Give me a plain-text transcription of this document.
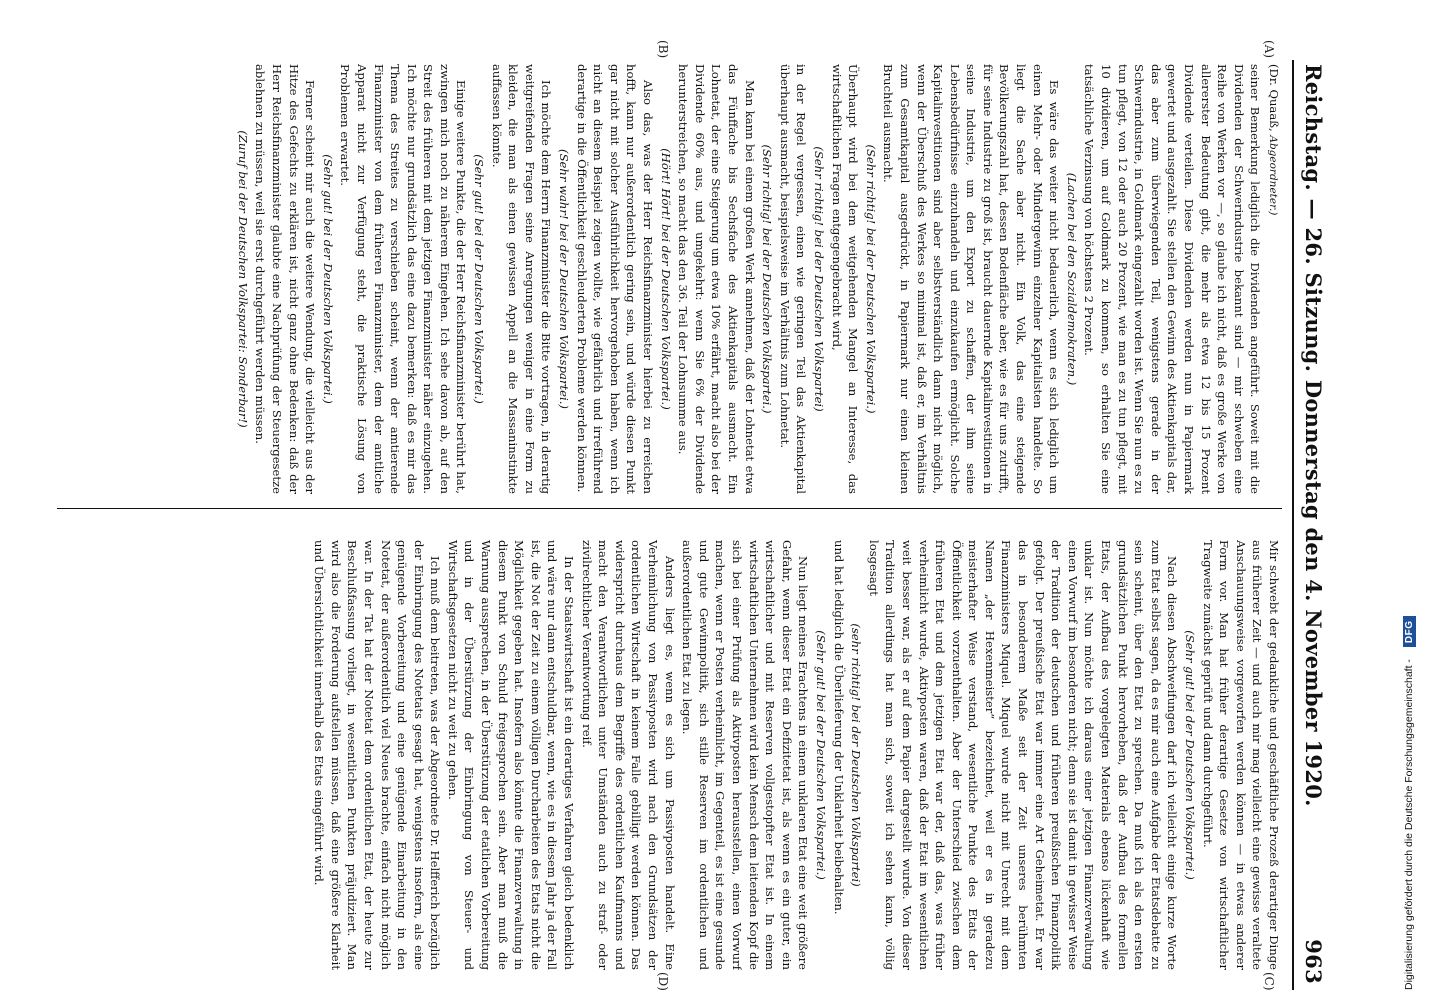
Reichstag. — 26. Sitzung. Donnerstag den 4. November 1920.
963
(A)
(B)
(C)
(D)

(Dr. Quaaß, Abgeordneter.)

seiner Bemerkung lediglich die Dividenden angeführt. Soweit mit die Dividenden der Schwerindustrie bekannt sind — mir schweben eine Reihe von Werken vor —, so glaube ich nicht, daß es große Werke von allererster Bedeutung gibt, die mehr als etwa 12 bis 15 Prozent Dividende verteilen. Diese Dividenden werden nun in Papiermark gewertet und ausgezahlt. Sie stellen den Gewinn des Aktienkapitals dar, das aber zum überwiegenden Teil, wenigstens gerade in der Schwerindustrie, in Goldmark eingezahlt worden ist. Wenn Sie nun es zu tun pflegt, von 12 oder auch 20 Prozent, wie man es zu tun pflegt, mit 10 dividieren, um auf Goldmark zu kommen, so erhalten Sie eine tatsächliche Verzinsung von höchstens 2 Prozent.

(Lachen bei den Sozialdemokraten.)

Es wäre das weiter nicht bedauerlich, wenn es sich lediglich um einen Mehr- oder Mindergewinn einzelner Kapitalisten handelte. So liegt die Sache aber nicht. Ein Volk, das eine steigende Bevölkerungszahl hat, dessen Bodenfläche aber, wie es für uns zutrifft, für seine Industrie zu groß ist, braucht dauernde Kapitalinvestitionen in seine Industrie, um den Export zu schaffen, der ihm seine Lebensbedürfnisse einzuhandeln und einzukaufen ermöglicht. Solche Kapitalinvestitionen sind aber selbstverständlich dann nicht möglich, wenn der Überschuß des Werkes so minimal ist, daß er, im Verhältnis zum Gesamtkapital ausgedrückt, in Papiermark nur einen kleinen Bruchteil ausmacht.

(Sehr richtig! bei der Deutschen Volkspartei.)

Überhaupt wird bei dem weitgehenden Mangel an Interesse, das wirtschaftlichen Fragen entgegengebracht wird,

(Sehr richtig! bei der Deutschen Volkspartei)

in der Regel vergessen, einen wie geringen Teil das Aktienkapital überhaupt ausmacht, beispielsweise im Verhältnis zum Lohnetat.

(Sehr richtig! bei der Deutschen Volkspartei.)

Man kann bei einem großen Werk annehmen, daß der Lohnetat etwa das Fünffache bis Sechsfache des Aktienkapitals ausmacht. Ein Lohnetat, der eine Steigerung um etwa 10% erfährt, macht also bei der Dividende 60% aus, und umgekehrt: wenn Sie 6% der Dividende herunterstreichen, so macht das den 36. Teil der Lohnsumme aus.

(Hört! Hört! bei der Deutschen Volkspartei.)

Also das, was der Herr Reichsfinanzminister hierbei zu erreichen hofft, kann nur außerordentlich gering sein, und würde diesen Punkt gar nicht mit solcher Ausführlichkeit hervorgehoben haben, wenn ich nicht an diesem Beispiel zeigen wollte, wie gefährlich und irreführend derartige in die Öffentlichkeit geschleuderten Probleme werden können.

(Sehr wahr! bei der Deutschen Volkspartei.)

Ich möchte dem Herrn Finanzminister die Bitte vortragen, in derartig weitgreifenden Fragen seine Anregungen weniger in eine Form zu kleiden, die man als einen gewissen Appell an die Massaninstinkte auffassen könnte.

(Sehr gut! bei der Deutschen Volkspartei.)

Einige weitere Punkte, die der Herr Reichsfinanzminister berührt hat, zwingen mich noch zu näherem Eingehen. Ich sehe davon ab, auf den Streit des früheren mit dem jetzigen Finanzminister näher einzugehen. Ich möchte nur grundsätzlich das eine dazu bemerken: daß es mir das Thema des Streites zu verschieben scheint, wenn der amtierende Finanzminister von dem früheren Finanzminister, dem der amtliche Apparat nicht zur Verfügung steht, die praktische Lösung von Problemen erwartet.

(Sehr gut! bei der Deutschen Volkspartei.)

Ferner scheint mir auch die weitere Wendung, die vielleicht aus der Hitze des Gefechts zu erklären ist, nicht ganz ohne Bedenken: daß der Herr Reichsfinanzminister glaubte eine Nachprüfung der Steuergesetze ablehnen zu müssen, weil sie erst durchgeführt werden müssen.

(Zuruf bei der Deutschen Volkspartei: Sonderbar!)

Mir schwebt der gedankliche und geschäftliche Prozeß derartiger Dinge aus früherer Zeit — und auch mir mag vielleicht eine gewisse veraltete Anschauungsweise vorgeworfen werden können — in etwas anderer Form vor. Man hat früher derartige Gesetze von wirtschaftlicher Tragweite zunächst geprüft und dann durchgeführt.

(Sehr gut! bei der Deutschen Volkspartei.)

Nach diesen Abschweifungen darf ich vielleicht einige kurze Worte zum Etat selbst sagen, da es mir auch eine Aufgabe der Etatsdebatte zu sein scheint, über den Etat zu sprechen. Da muß ich als den ersten grundsätzlichen Punkt hervorheben, daß der Aufbau des formellen Etats, der Aufbau des vorgelegten Materials ebenso lückenhaft wie unklar ist. Nun möchte ich daraus einer jetzigen Finanzverwaltung einen Vorwurf im besonderen nicht; denn sie ist damit in gewisser Weise der Tradition der deutschen und früheren preußischen Finanzpolitik gefolgt. Der preußische Etat war immer eine Art Geheimetat. Er war das in besonderem Maße seit der Zeit unseres berühmten Finanzministers Miquel. Miquel wurde nicht mit Unrecht mit dem Namen „der Hexenmeister“ bezeichnet, weil er es in geradezu meisterhafter Weise verstand, wesentliche Punkte des Etats der Öffentlichkeit vorzuenthalten. Aber der Unterschied zwischen dem früheren Etat und dem jetzigen Etat war der, daß das, was früher verheimlicht wurde, Aktivposten waren, daß der Etat im wesentlichen weit besser war, als er auf dem Papier dargestellt wurde. Von dieser Tradition allerdings hat man sich, soweit ich sehen kann, völlig losgesagt

(sehr richtig! bei der Deutschen Volkspartei)

und hat lediglich die Überlieferung der Unklarheit beibehalten.

(Sehr gut! bei der Deutschen Volkspartei.)

Nun liegt meines Erachtens in einem unklaren Etat eine weit größere Gefahr, wenn dieser Etat ein Defizitetat ist, als wenn es ein guter, ein wirtschaftlicher und mit Reserven vollgestopfter Etat ist. In einem wirtschaftlichen Unternehmen wird kein Mensch dem leitenden Kopf die sich bei einer Prüfung als Aktivposten herausstellen, einen Vorwurf machen, wenn er Posten verheimlicht, im Gegenteil, es ist eine gesunde und gute Gewinnpolitik, sich stille Reserven im ordentlichen und außerordentlichen Etat zu legen.

Anders liegt es, wenn es sich um Passivposten handelt. Eine Verheimlichung von Passivposten wird nach den Grundsätzen der ordentlichen Wirtschaft in keinem Falle gebilligt werden können. Das widerspricht durchaus dem Begriffe des ordentlichen Kaufmanns und macht den Verantwortlichen unter Umständen auch zu straf- oder zivilrechtlicher Verantwortung reif.

In der Staatswirtschaft ist ein derartiges Verfahren gleich bedenklich und wäre nur dann entschuldbar, wenn, wie es in diesem Jahr ja der Fall ist, die Not der Zeit zu einem völligen Durcharbeiten des Etats nicht die Möglichkeit gegeben hat. Insofern also könnte die Finanzverwaltung in diesem Punkt von Schuld freigesprochen sein. Aber man muß die Warnung aussprechen, in der Überstürzung der etatlichen Vorbereitung und in der Überstürzung der Einbringung von Steuer- und Wirtschaftsgesetzen nicht zu weit zu gehen.

Ich muß dem beitreten, was der Abgeordnete Dr. Helfferich bezüglich der Einbringung des Notetats gesagt hat, wenigstens insofern, als eine genügende Vorbereitung und eine genügende Einarbeitung in den Notetat, der außerordentlich viel Neues brachte, einfach nicht möglich war. In der Tat hat der Notetat dem ordentlichen Etat, der heute zur Beschlußfassung vorliegt, in wesentlichen Punkten präjudiziert. Man wird also die Forderung aufstellen müssen, daß eine größere Klarheit und Übersichtlichkeit innerhalb des Etats eingeführt wird.	Digitalisierung gefördert durch die Deutsche Forschungsgemeinschaft -
DFG
